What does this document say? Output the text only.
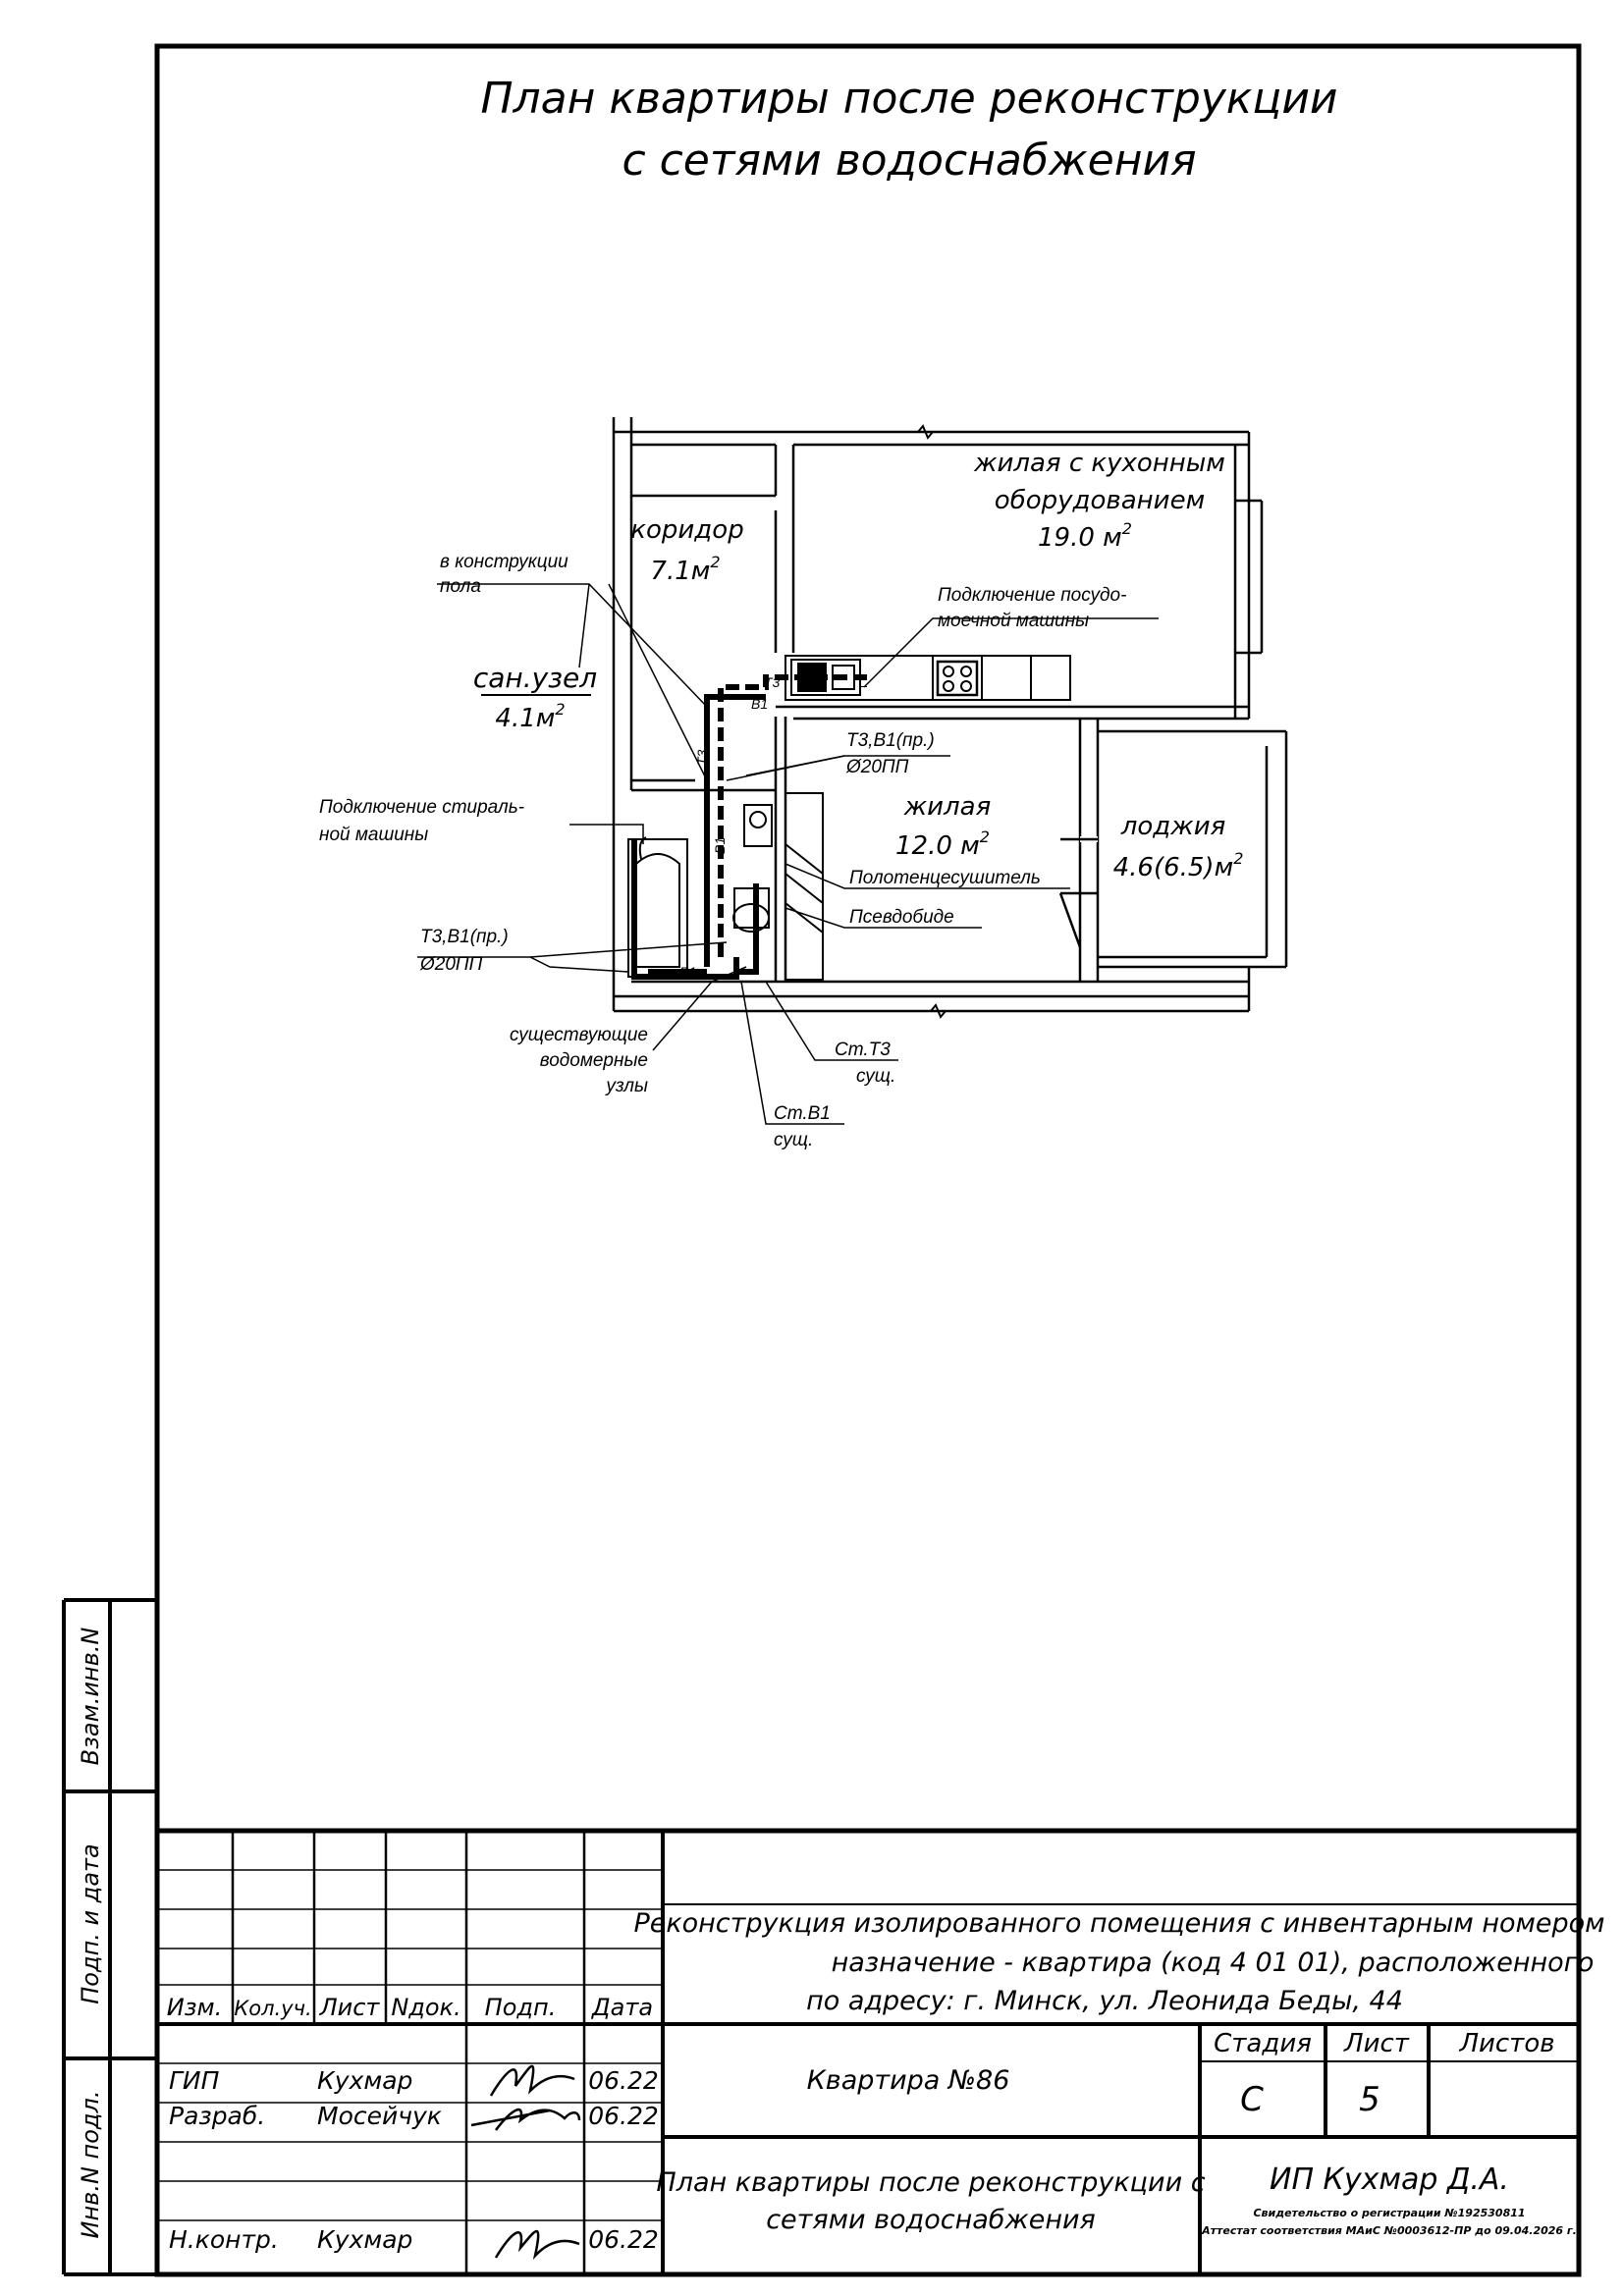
План квартиры после реконструкции
с сетями водоснабжения
Т3
В1
Т3
В1
В1
жилая с кухонным
оборудованием
19.0 $м^2$
коридор
$7.1м^2$
сан.узел
$4.1м^2$
жилая
12.0 $м^2$	лоджия
$4.6(6.5)м^2$
в конструкции
пола	Подключение посудо-
моечной машины
Т3,В1(пр.)
Ø20ПП
Подключение стираль-
ной машины
Полотенцесушитель
Псевдобиде
Т3,В1(пр.)
Ø20ПП
существующие
водомерные
узлы
Ст.Т3
сущ.
Ст.В1
сущ.
Взам.инв.N
Подп. и дата
Инв.N подл.
Изм. Кол.уч. Лист Nдок. Подп. Дата
ГИП	Кухмар	06.22
Разраб. Мосейчук	06.22
Н.контр. Кухмар	06.22
Реконструкция изолированного помещения с инвентарным номером
назначение - квартира (код 4 01 01), расположенного
по адресу: г. Минск, ул. Леонида Беды, 44
Квартира №86
План квартиры после реконструкции с
сетями водоснабжения
Стадия Лист Листов
С	5
ИП Кухмар Д.А.
Свидетельство о регистрации №192530811
Аттестат соответствия МАиС №0003612-ПР до 09.04.2026 г.
